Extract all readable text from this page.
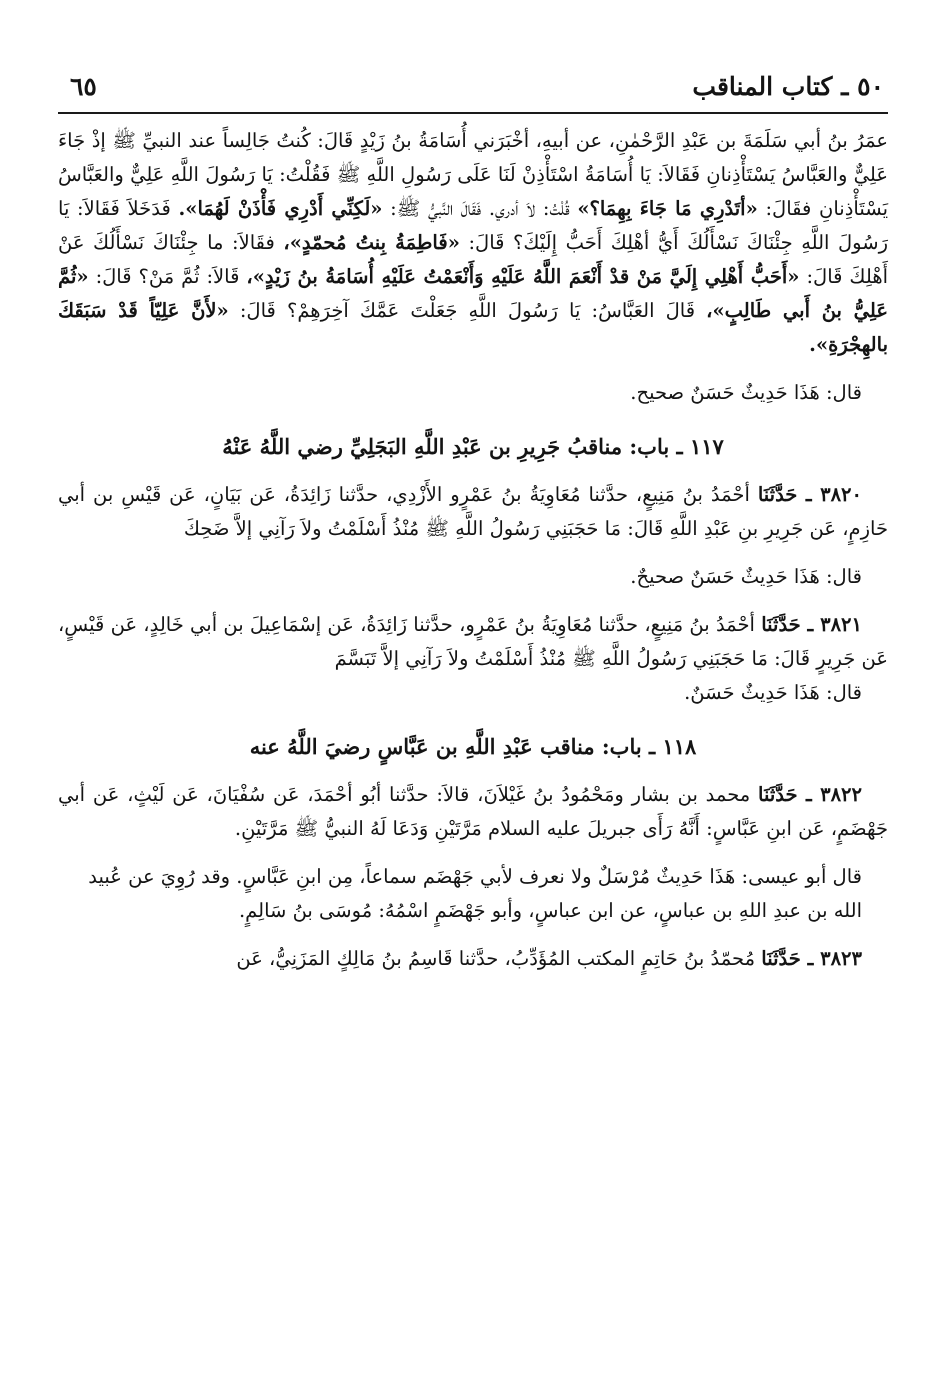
٥٠ ـ كتاب المناقب
٦٥

عمَرُ بنُ أبي سَلَمَةَ بن عَبْدِ الرَّحْمٰنِ، عن أبيهِ، أخْبَرَني أُسَامَةُ بنُ زَيْدٍ قَالَ: كُنتُ جَالِساً عند النبيِّ ﷺ إذْ جَاءَ عَلِيٌّ والعَبَّاسُ يَسْتَأْذِنانِ فَقَالاَ: يَا أُسَامَةُ اسْتَأْذِنْ لَنَا عَلَى رَسُولِ اللَّهِ ﷺ فَقُلْتُ: يَا رَسُولَ اللَّهِ عَلِيٌّ والعَبَّاسُ يَسْتَأْذِنانِ فقَالَ: «أتَدْرِي مَا جَاءَ بِهِمَا؟» قُلْتُ: لاَ أدري. فَقَالَ النَّبيُّ ﷺ: «لَكِنِّي أَدْرِي فَأْذَنْ لَهُمَا». فَدَخَلاَ فَقَالاَ: يَا رَسُولَ اللَّهِ جِئْنَاكَ نَسْأَلُكَ أَيُّ أهْلِكَ أَحَبُّ إِلَيْكَ؟ قَالَ: «فَاطِمَةُ بِنتُ مُحمّدٍ»، فقَالاَ: ما جِئْنَاكَ نَسْأَلُكَ عَنْ أَهْلِكَ قَالَ: «أَحَبُّ أَهْلِي إِلَيَّ مَنْ قدْ أَنْعَمَ اللَّهُ عَلَيْهِ وَأَنْعَمْتُ عَلَيْهِ أُسَامَةُ بنُ زَيْدٍ»، قَالاَ: ثُمَّ مَنْ؟ قَالَ: «ثُمَّ عَلِيُّ بنُ أَبي طَالِبٍ»، قَالَ العَبَّاسُ: يَا رَسُولَ اللَّهِ جَعَلْتَ عَمَّكَ آخِرَهِمْ؟ قَالَ: «لأَنَّ عَلِيّاً قَدْ سَبَقَكَ بالهِجْرَةِ».

قال: هَذَا حَدِيثٌ حَسَنٌ صحيح.

١١٧ ـ باب: مناقبُ جَرِيرِ بن عَبْدِ اللَّهِ البَجَلِيِّ رضي اللَّهُ عَنْهُ

٣٨٢٠ ـ حَدَّثَنَا أحْمَدُ بنُ مَنِيعٍ، حدَّثنا مُعَاوِيَةُ بنُ عَمْرٍو الأَزْدِي، حدَّثنا زَائِدَةُ، عَن بَيَانٍ، عَن قَيْسِ بن أبي حَازِمٍ، عَن جَرِيرِ بنِ عَبْدِ اللَّهِ قَالَ: مَا حَجَبَنِي رَسُولُ اللَّهِ ﷺ مُنْذُ أَسْلَمْتُ ولاَ رَآنِي إلاَّ ضَحِكَ

قال: هَذَا حَدِيثٌ حَسَنٌ صحيحٌ.

٣٨٢١ ـ حَدَّثَنَا أحْمَدُ بنُ مَنِيعٍ، حدَّثنا مُعَاوِيَةُ بنُ عَمْرٍو، حدَّثنا زَائِدَةُ، عَن إسْمَاعِيلَ بن أبي خَالِدٍ، عَن قَيْسٍ، عَن جَرِيرٍ قَالَ: مَا حَجَبَنِي رَسُولُ اللَّهِ ﷺ مُنْذُ أَسْلَمْتُ ولاَ رَآنِي إلاَّ تَبَسَّمَ

قال: هَذَا حَدِيثٌ حَسَنٌ.

١١٨ ـ باب: مناقب عَبْدِ اللَّهِ بن عَبَّاسٍ رضيَ اللَّهُ عنه

٣٨٢٢ ـ حَدَّثَنَا محمد بن بشار ومَحْمُودُ بنُ غَيْلاَنَ، قالاَ: حدَّثنا أبُو أحْمَدَ، عَن سُفْيَانَ، عَن لَيْثٍ، عَن أبي جَهْضَمٍ، عَن ابنِ عَبَّاسٍ: أَنَّهُ رَأَى جبريلَ عليه السلام مَرَّتَيْنِ وَدَعَا لَهُ النبيُّ ﷺ مَرَّتَيْنِ.

قال أبو عيسى: هَذَا حَدِيثٌ مُرْسَلٌ ولا نعرف لأبي جَهْضَم سماعاً، مِن ابنِ عَبَّاسٍ. وقد رُوِيَ عن عُبيد الله بن عبدِ اللهِ بن عباسٍ، عن ابن عباسٍ، وأبو جَهْضَمٍ اسْمُهُ: مُوسَى بنُ سَالِمٍ.

٣٨٢٣ ـ حَدَّثَنَا مُحمّدُ بنُ حَاتِمٍ المكتب المُؤَدِّبُ، حدَّثنا قَاسِمُ بنُ مَالِكٍ المَزَنِيُّ، عَن
